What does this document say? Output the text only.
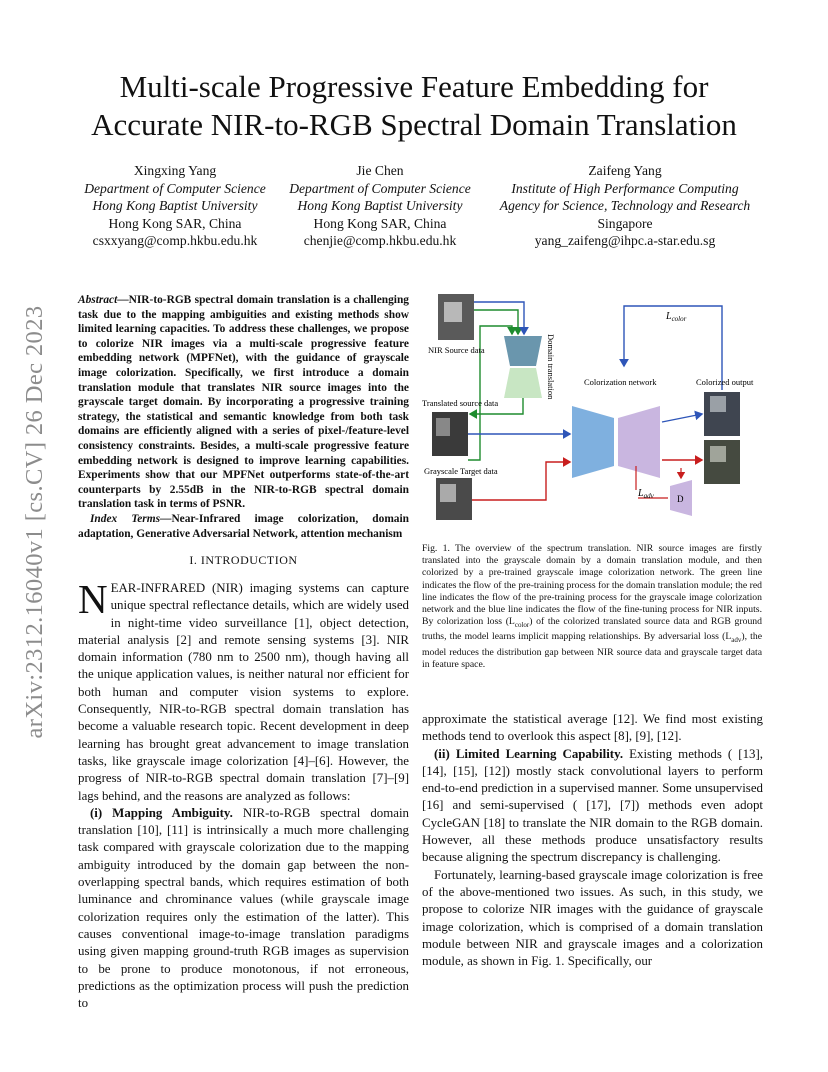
arXiv:2312.16040v1 [cs.CV] 26 Dec 2023
Multi-scale Progressive Feature Embedding for
Accurate NIR-to-RGB Spectral Domain Translation
Xingxing Yang
Department of Computer Science
Hong Kong Baptist University
Hong Kong SAR, China
csxxyang@comp.hkbu.edu.hk
Jie Chen
Department of Computer Science
Hong Kong Baptist University
Hong Kong SAR, China
chenjie@comp.hkbu.edu.hk
Zaifeng Yang
Institute of High Performance Computing
Agency for Science, Technology and Research
Singapore
yang_zaifeng@ihpc.a-star.edu.sg

Abstract—NIR-to-RGB spectral domain translation is a challenging task due to the mapping ambiguities and existing methods show limited learning capacities. To address these challenges, we propose to colorize NIR images via a multi-scale progressive feature embedding network (MPFNet), with the guidance of grayscale image colorization. Specifically, we first introduce a domain translation module that translates NIR source images into the grayscale target domain. By incorporating a progressive training strategy, the statistical and semantic knowledge from both task domains are efficiently aligned with a series of pixel-/feature-level consistency constraints. Besides, a multi-scale progressive feature embedding network is designed to improve learning capabilities. Experiments show that our MPFNet outperforms state-of-the-art counterparts by 2.55dB in the NIR-to-RGB spectral domain translation task in terms of PSNR.

Index Terms—Near-Infrared image colorization, domain adaptation, Generative Adversarial Network, attention mechanism

I. INTRODUCTION

NEAR-INFRARED (NIR) imaging systems can capture unique spectral reflectance details, which are widely used in night-time video surveillance [1], object detection, material analysis [2] and remote sensing systems [3]. NIR domain information (780 nm to 2500 nm), though having all the unique application values, is neither natural nor efficient for both human and computer vision systems to explore. Consequently, NIR-to-RGB spectral domain translation has become a valuable research topic. Recent development in deep learning has brought great advancement to image translation tasks, like grayscale image colorization [4]–[6]. However, the progress of NIR-to-RGB spectral domain translation [7]–[9] lags behind, and the reasons are analyzed as follows:

(i) Mapping Ambiguity. NIR-to-RGB spectral domain translation [10], [11] is intrinsically a much more challenging task compared with grayscale colorization due to the mapping ambiguity introduced by the domain gap between the non-overlapping spectral bands, which requires estimation of both luminance and chrominance values (while grayscale image colorization requires only the estimation of the latter). This causes conventional image-to-image translation paradigms using given mapping ground-truth RGB images as supervision to be prone to produce monotonous, if not erroneous, predictions as the optimization process will push the prediction to

NIR Source data	Domain translation
Translated source data
Grayscale Target data
Colorization network	Colorized output
$L_{color}$
$L_{adv}$	D
Fig. 1. The overview of the spectrum translation. NIR source images are firstly translated into the grayscale domain by a domain translation module, and then colorized by a pre-trained grayscale image colorization network. The green line indicates the flow of the pre-training process for the domain translation module; the red line indicates the flow of the pre-training process for the grayscale image colorization network and the blue line indicates the flow of the fine-tuning process for NIR inputs. By colorization loss $(L_{color})$ of the colorized translated source data and RGB ground truths, the model learns implicit mapping relationships. By adversarial loss $(L_{adv})$, the model reduces the distribution gap between NIR source data and grayscale target data in feature space.

approximate the statistical average [12]. We find most existing methods tend to overlook this aspect [8], [9], [12].

(ii) Limited Learning Capability. Existing methods ( [13], [14], [15], [12]) mostly stack convolutional layers to perform end-to-end prediction in a supervised manner. Some unsupervised [16] and semi-supervised ( [17], [7]) methods even adopt CycleGAN [18] to translate the NIR domain to the RGB domain. However, all these methods produce unsatisfactory results because aligning the spectrum discrepancy is challenging.

Fortunately, learning-based grayscale image colorization is free of the above-mentioned two issues. As such, in this study, we propose to colorize NIR images with the guidance of grayscale image colorization, which is comprised of a domain translation module between NIR and grayscale images and a colorization module, as shown in Fig. 1. Specifically, our
